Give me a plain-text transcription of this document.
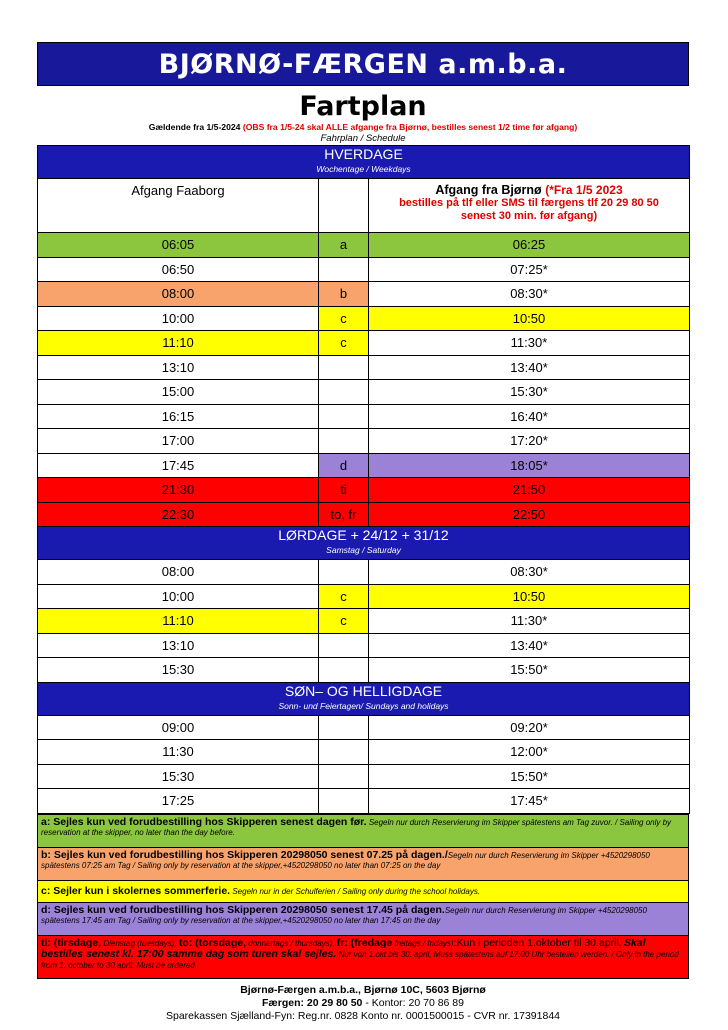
BJØRNØ-FÆRGEN a.m.b.a.
Fartplan
Gældende fra 1/5-2024 (OBS fra 1/5-24 skal ALLE afgange fra Bjørnø, bestilles senest 1/2 time før afgang)
Fahrplan / Schedule
HVERDAGE
Wochentage / Weekdays		

Afgang Faaborg		Afgang fra Bjørnø (*Fra 1/5 2023
bestilles på tlf eller SMS til færgens tlf 20 29 80 50
senest 30 min. før afgang)

06:05	a	06:25
06:50		07:25*
08:00	b	08:30*
10:00	c	10:50
11:10	c	11:30*
13:10		13:40*
15:00		15:30*
16:15		16:40*
17:00		17:20*
17:45	d	18:05*
21:30	ti	21:50
22:30	to, fr	22:50

LØRDAGE + 24/12 + 31/12
Samstag / Saturday		

08:00		08:30*
10:00	c	10:50
11:10	c	11:30*
13:10		13:40*
15:30		15:50*

SØN– OG HELLIGDAGE
Sonn- und Feiertagen/ Sundays and holidays		

09:00		09:20*
11:30		12:00*
15:30		15:50*
17:25		17:45*
a: Sejles kun ved forudbestilling hos Skipperen senest dagen før. Segeln nur durch Reservierung im Skipper spätestens am Tag zuvor. / Sailing only by reservation at the skipper, no later than the day before.
b: Sejles kun ved forudbestilling hos Skipperen 20298050 senest 07.25 på dagen./Segeln nur durch Reservierung im Skipper +4520298050 spätestens 07:25 am Tag / Sailing only by reservation at the skipper,+4520298050 no later than 07:25 on the day
c: Sejler kun i skolernes sommerferie. Segeln nur in der Schulferien / Sailing only during the school holidays.
d: Sejles kun ved forudbestilling hos Skipperen 20298050 senest 17.45 på dagen.Segeln nur durch Reservierung im Skipper +4520298050 spätestens 17:45 am Tag / Sailing only by reservation at the skipper,+4520298050 no later than 17:45 on the day
ti: (tirsdage, Dienstag (tuesdays), to: (torsdage, donnertags / thursdays), fr: (fredage freitags / fridays):Kun i perioden 1.oktober til 30.april. Skal bestilles senest kl. 17:00 samme dag som turen skal sejles. Nur von 1.okt bis 30. april, Muss spätestens auf 17:00 Uhr bestellen werden. / Only in the period from 1. october to 30.april. Must be ordered
Bjørnø-Færgen a.m.b.a., Bjørnø 10C, 5603 Bjørnø
Færgen: 20 29 80 50 - Kontor: 20 70 86 89
Sparekassen Sjælland-Fyn: Reg.nr. 0828 Konto nr. 0001500015 - CVR nr. 17391844
